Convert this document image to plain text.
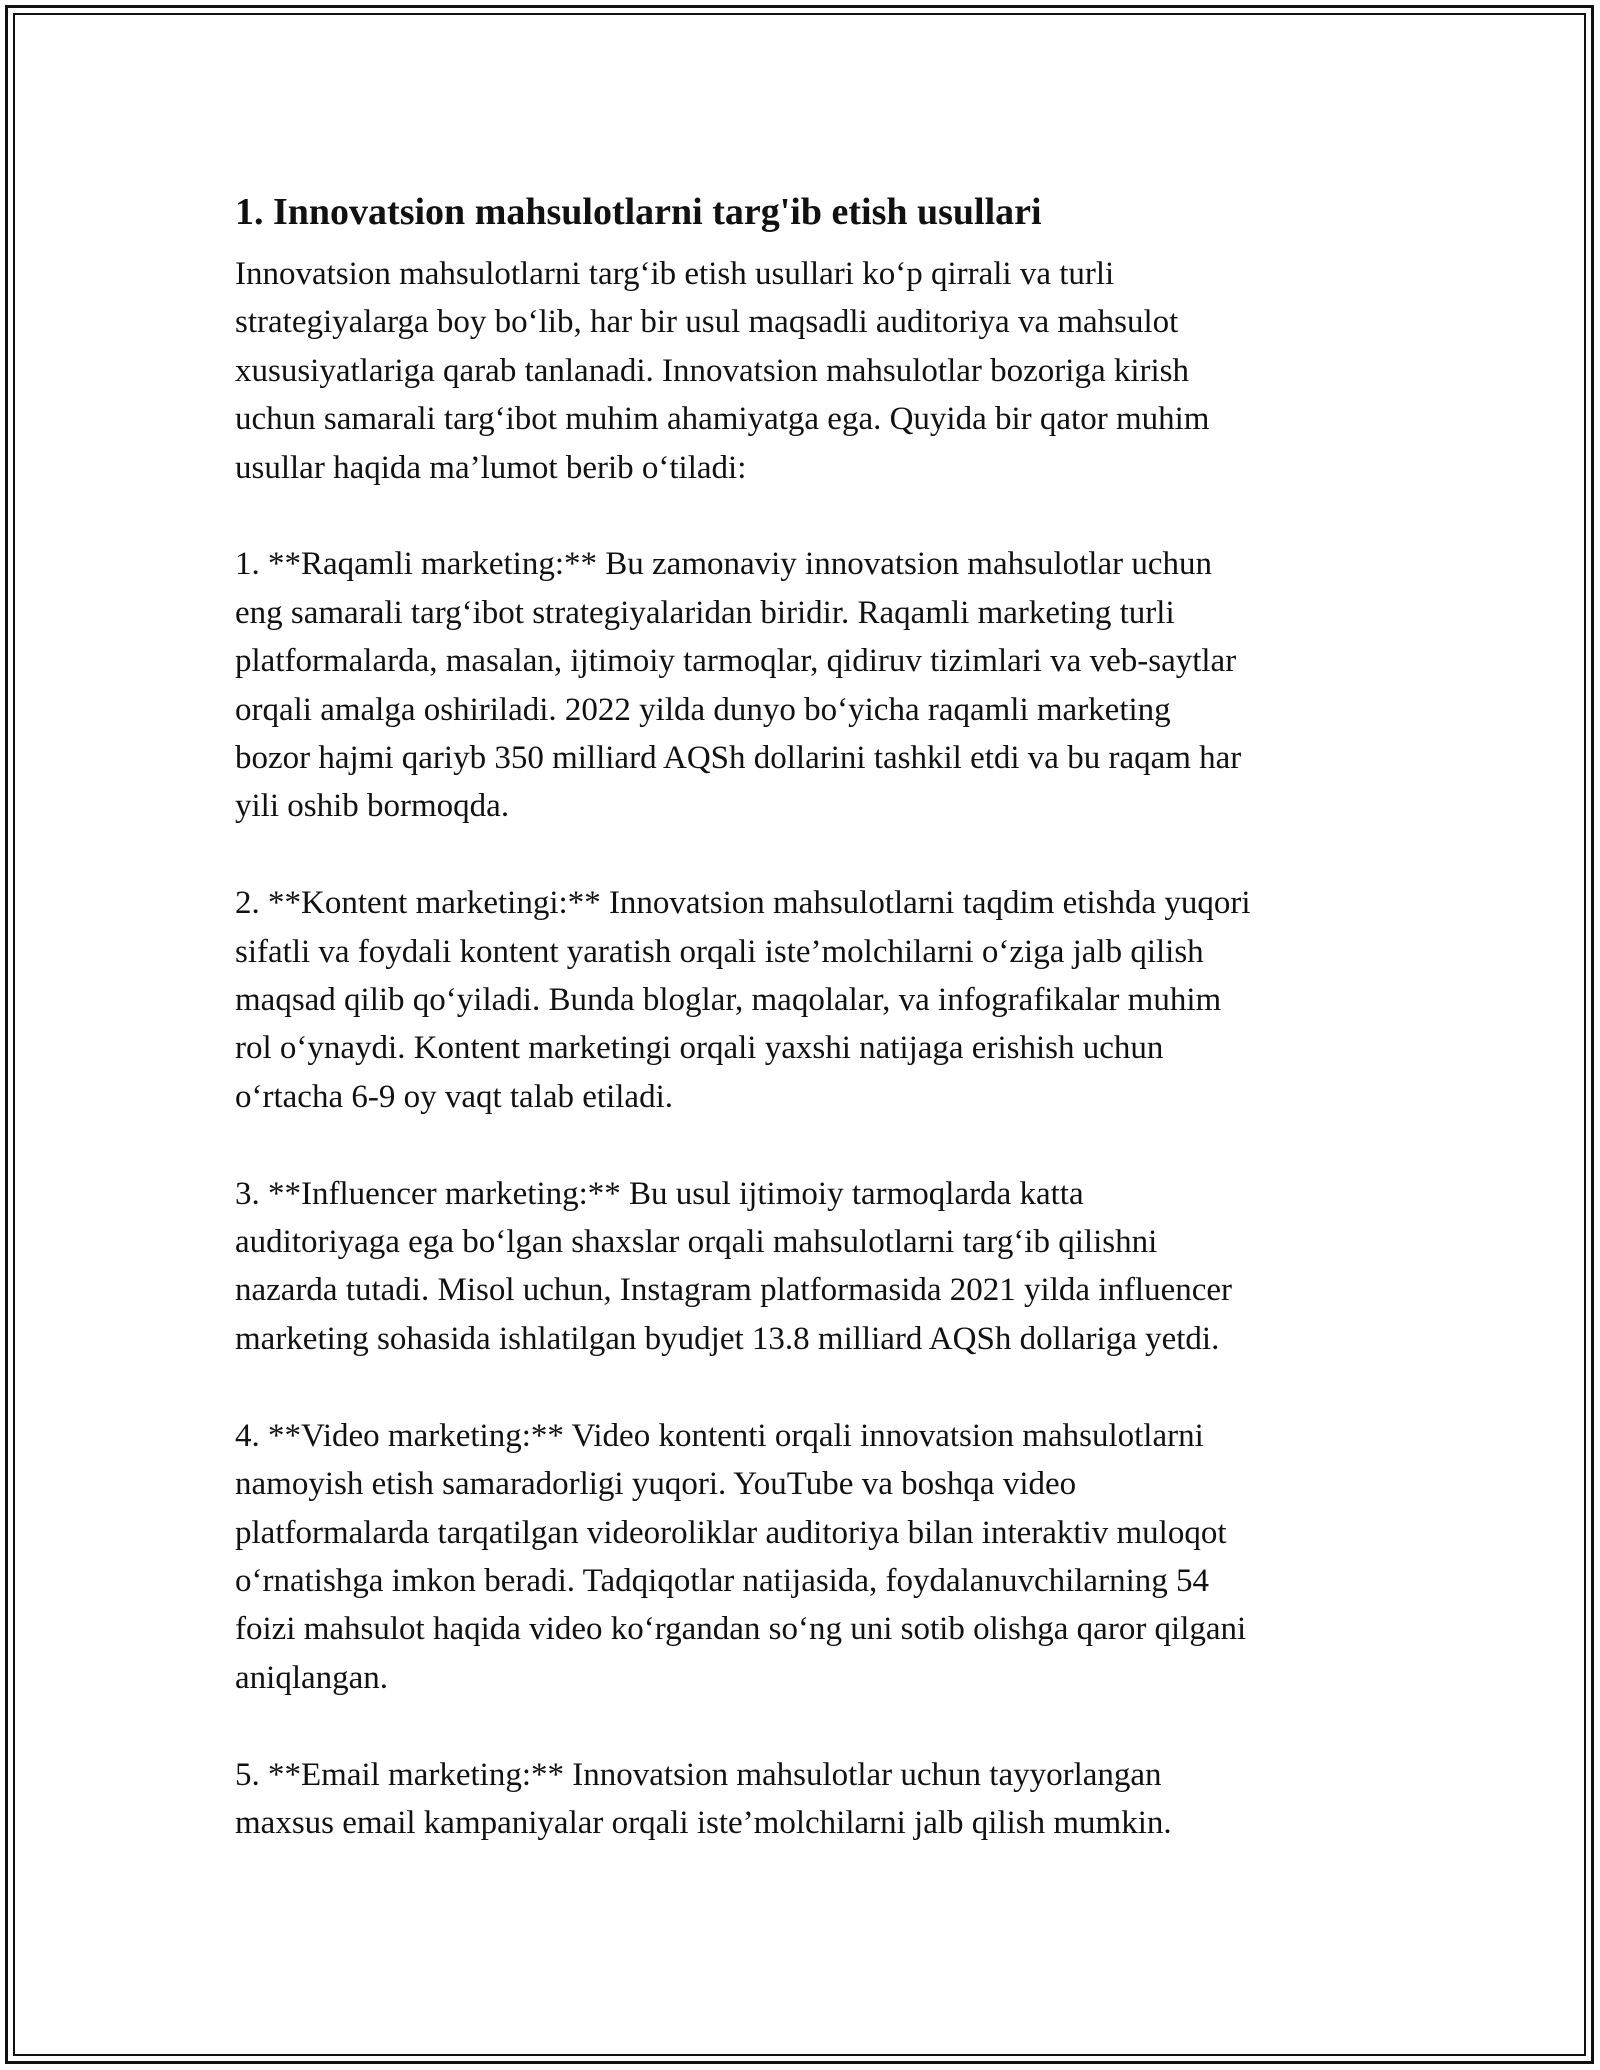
1. Innovatsion mahsulotlarni targ'ib etish usullari

Innovatsion mahsulotlarni targ‘ib etish usullari ko‘p qirrali va turli
strategiyalarga boy bo‘lib, har bir usul maqsadli auditoriya va mahsulot
xususiyatlariga qarab tanlanadi. Innovatsion mahsulotlar bozoriga kirish
uchun samarali targ‘ibot muhim ahamiyatga ega. Quyida bir qator muhim
usullar haqida ma’lumot berib o‘tiladi:

1. **Raqamli marketing:** Bu zamonaviy innovatsion mahsulotlar uchun
eng samarali targ‘ibot strategiyalaridan biridir. Raqamli marketing turli
platformalarda, masalan, ijtimoiy tarmoqlar, qidiruv tizimlari va veb-saytlar
orqali amalga oshiriladi. 2022 yilda dunyo bo‘yicha raqamli marketing
bozor hajmi qariyb 350 milliard AQSh dollarini tashkil etdi va bu raqam har
yili oshib bormoqda.

2. **Kontent marketingi:** Innovatsion mahsulotlarni taqdim etishda yuqori
sifatli va foydali kontent yaratish orqali iste’molchilarni o‘ziga jalb qilish
maqsad qilib qo‘yiladi. Bunda bloglar, maqolalar, va infografikalar muhim
rol o‘ynaydi. Kontent marketingi orqali yaxshi natijaga erishish uchun
o‘rtacha 6-9 oy vaqt talab etiladi.

3. **Influencer marketing:** Bu usul ijtimoiy tarmoqlarda katta
auditoriyaga ega bo‘lgan shaxslar orqali mahsulotlarni targ‘ib qilishni
nazarda tutadi. Misol uchun, Instagram platformasida 2021 yilda influencer
marketing sohasida ishlatilgan byudjet 13.8 milliard AQSh dollariga yetdi.

4. **Video marketing:** Video kontenti orqali innovatsion mahsulotlarni
namoyish etish samaradorligi yuqori. YouTube va boshqa video
platformalarda tarqatilgan videoroliklar auditoriya bilan interaktiv muloqot
o‘rnatishga imkon beradi. Tadqiqotlar natijasida, foydalanuvchilarning 54
foizi mahsulot haqida video ko‘rgandan so‘ng uni sotib olishga qaror qilgani
aniqlangan.

5. **Email marketing:** Innovatsion mahsulotlar uchun tayyorlangan
maxsus email kampaniyalar orqali iste’molchilarni jalb qilish mumkin.
